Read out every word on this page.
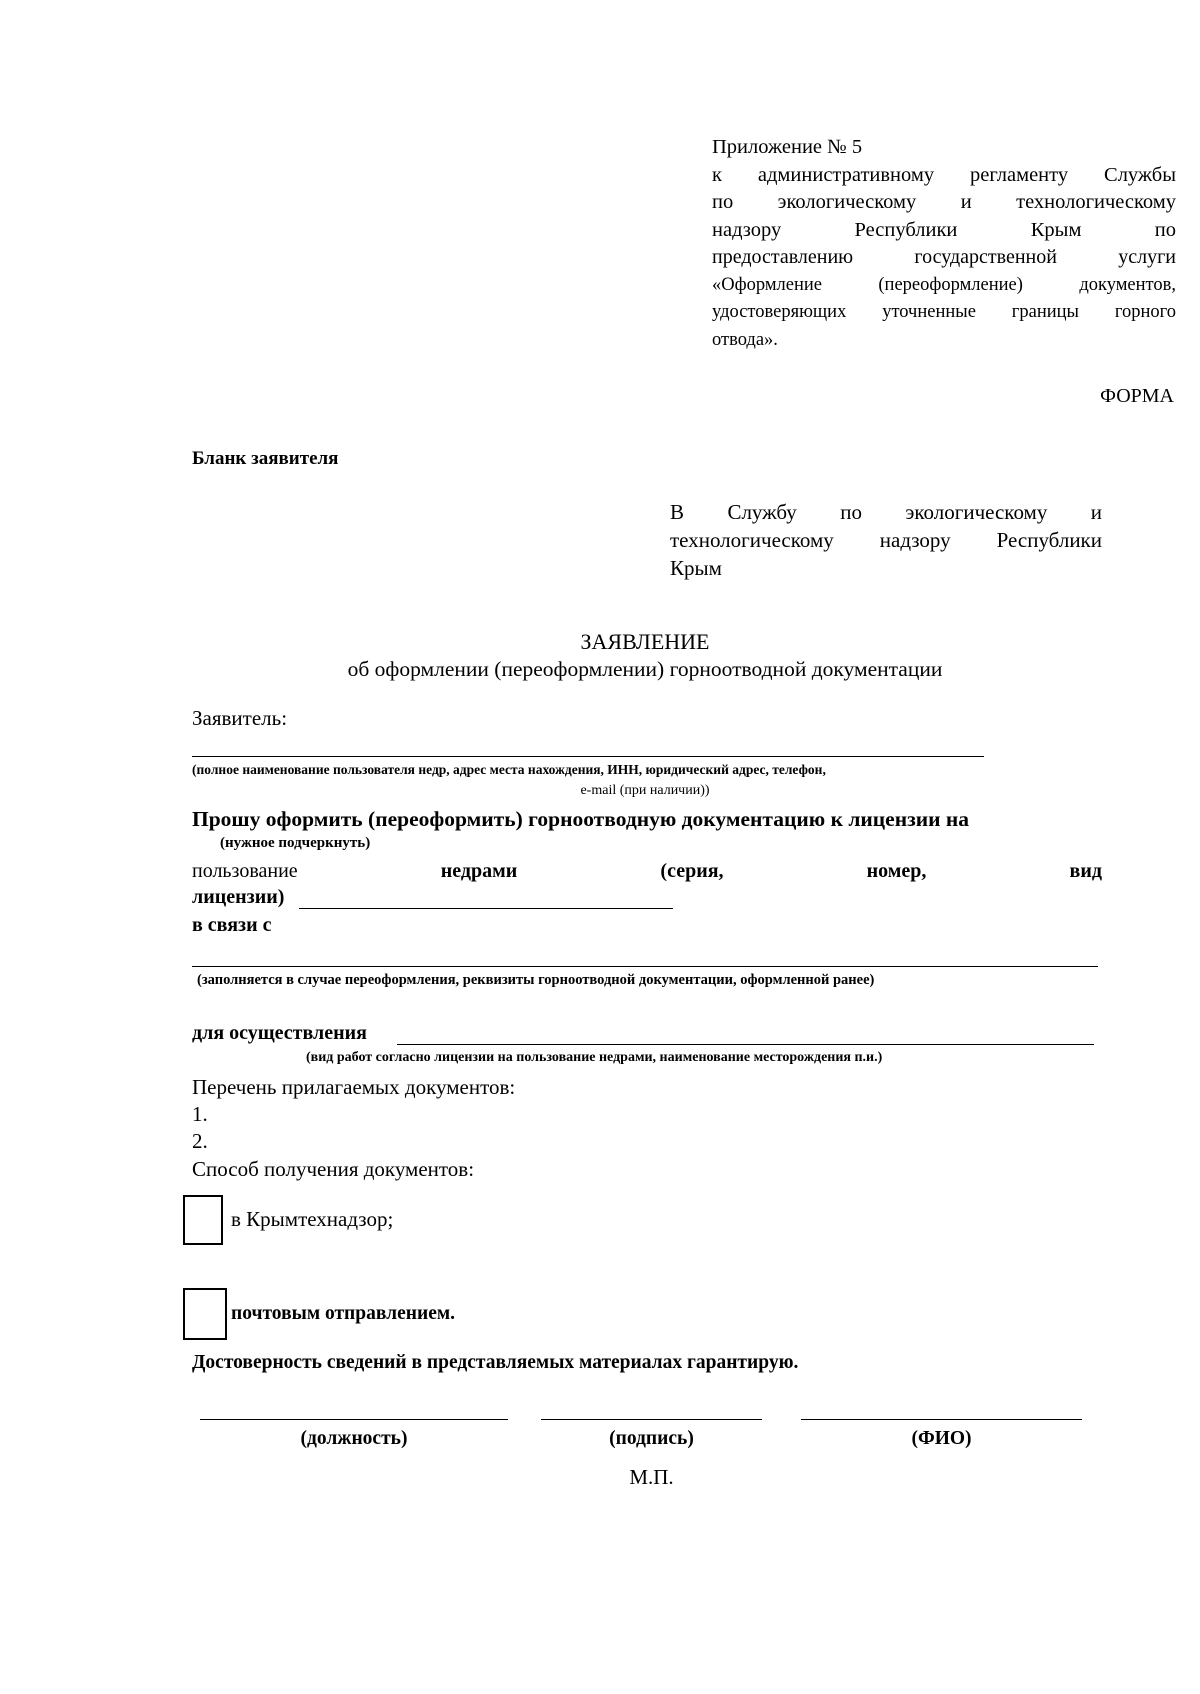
Приложение № 5
к административному регламенту Службы
по экологическому и технологическому
надзору Республики Крым по
предоставлению государственной услуги
«Оформление (переоформление) документов,
удостоверяющих уточненные границы горного
отвода».
ФОРМА
Бланк заявителя
В Службу по экологическому и
технологическому надзору Республики
Крым
ЗАЯВЛЕНИЕ
об оформлении (переоформлении) горноотводной документации
Заявитель:
(полное наименование пользователя недр, адрес места нахождения, ИНН, юридический адрес, телефон,
e-mail (при наличии))
Прошу оформить (переоформить) горноотводную документацию к лицензии на
(нужное подчеркнуть)
пользование	недрами	(серия,	номер,	вид
лицензии)
в связи с
(заполняется в случае переоформления, реквизиты горноотводной документации, оформленной ранее)
для осуществления
(вид работ согласно лицензии на пользование недрами, наименование месторождения п.и.)
Перечень прилагаемых документов:
1.
2.
Способ получения документов:
в Крымтехнадзор;
почтовым отправлением.
Достоверность сведений в представляемых материалах гарантирую.
(должность)	(подпись)	(ФИО)
М.П.
